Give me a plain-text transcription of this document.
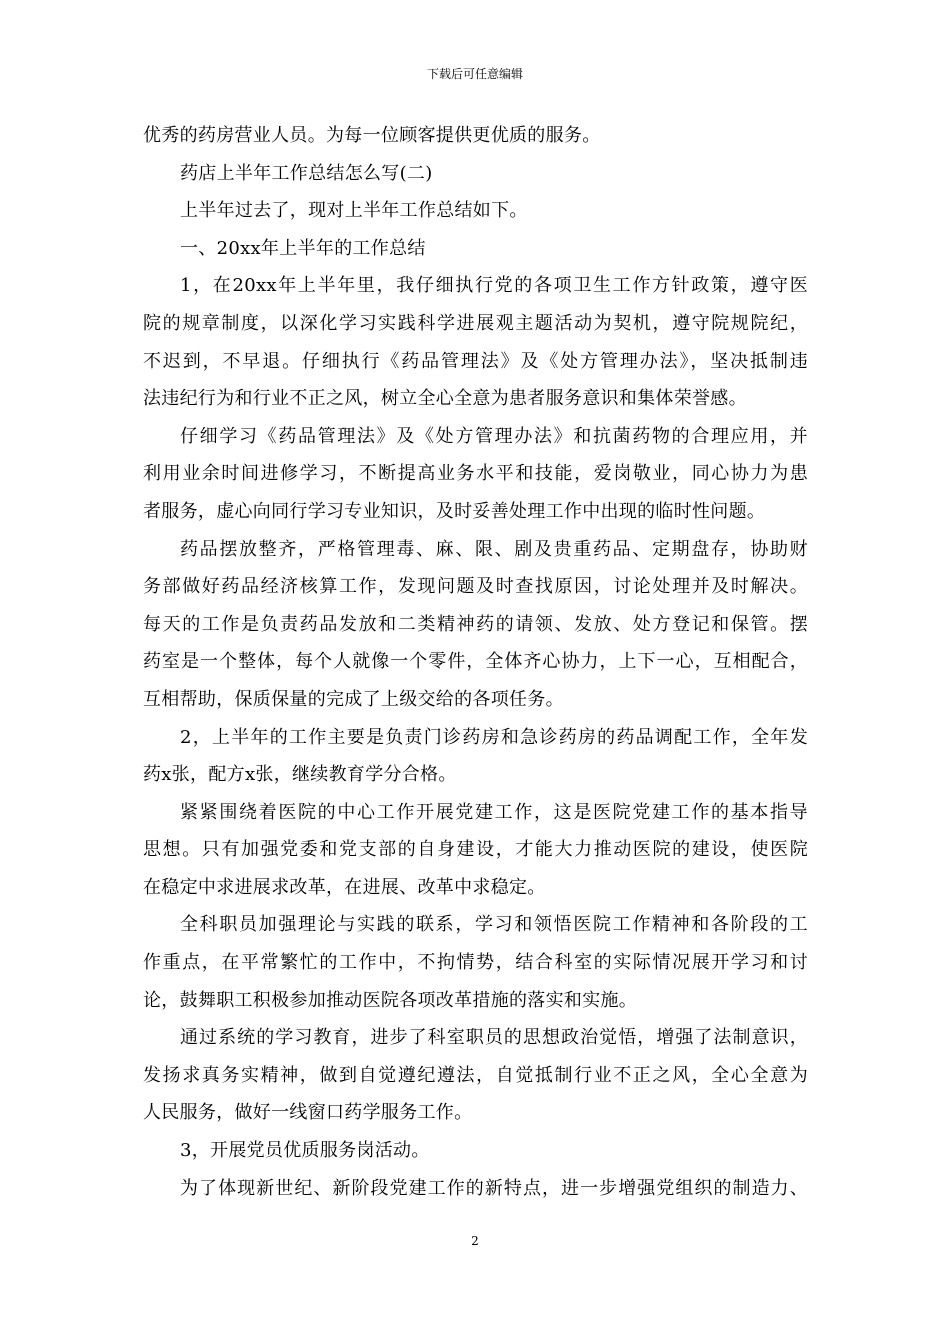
下载后可任意编辑
优秀的药房营业人员。为每一位顾客提供更优质的服务。
药店上半年工作总结怎么写(二)
上半年过去了，现对上半年工作总结如下。
一、20xx年上半年的工作总结
1，在20xx年上半年里，我仔细执行党的各项卫生工作方针政策，遵守医
院的规章制度，以深化学习实践科学进展观主题活动为契机，遵守院规院纪，
不迟到，不早退。仔细执行《药品管理法》及《处方管理办法》，坚决抵制违
法违纪行为和行业不正之风，树立全心全意为患者服务意识和集体荣誉感。
仔细学习《药品管理法》及《处方管理办法》和抗菌药物的合理应用，并
利用业余时间进修学习，不断提高业务水平和技能，爱岗敬业，同心协力为患
者服务，虚心向同行学习专业知识，及时妥善处理工作中出现的临时性问题。
药品摆放整齐，严格管理毒、麻、限、剧及贵重药品、定期盘存，协助财
务部做好药品经济核算工作，发现问题及时查找原因，讨论处理并及时解决。
每天的工作是负责药品发放和二类精神药的请领、发放、处方登记和保管。摆
药室是一个整体，每个人就像一个零件，全体齐心协力，上下一心，互相配合，
互相帮助，保质保量的完成了上级交给的各项任务。
2，上半年的工作主要是负责门诊药房和急诊药房的药品调配工作，全年发
药x张，配方x张，继续教育学分合格。
紧紧围绕着医院的中心工作开展党建工作，这是医院党建工作的基本指导
思想。只有加强党委和党支部的自身建设，才能大力推动医院的建设，使医院
在稳定中求进展求改革，在进展、改革中求稳定。
全科职员加强理论与实践的联系，学习和领悟医院工作精神和各阶段的工
作重点，在平常繁忙的工作中，不拘情势，结合科室的实际情况展开学习和讨
论，鼓舞职工积极参加推动医院各项改革措施的落实和实施。
通过系统的学习教育，进步了科室职员的思想政治觉悟，增强了法制意识，
发扬求真务实精神，做到自觉遵纪遵法，自觉抵制行业不正之风，全心全意为
人民服务，做好一线窗口药学服务工作。
3，开展党员优质服务岗活动。
为了体现新世纪、新阶段党建工作的新特点，进一步增强党组织的制造力、
2
